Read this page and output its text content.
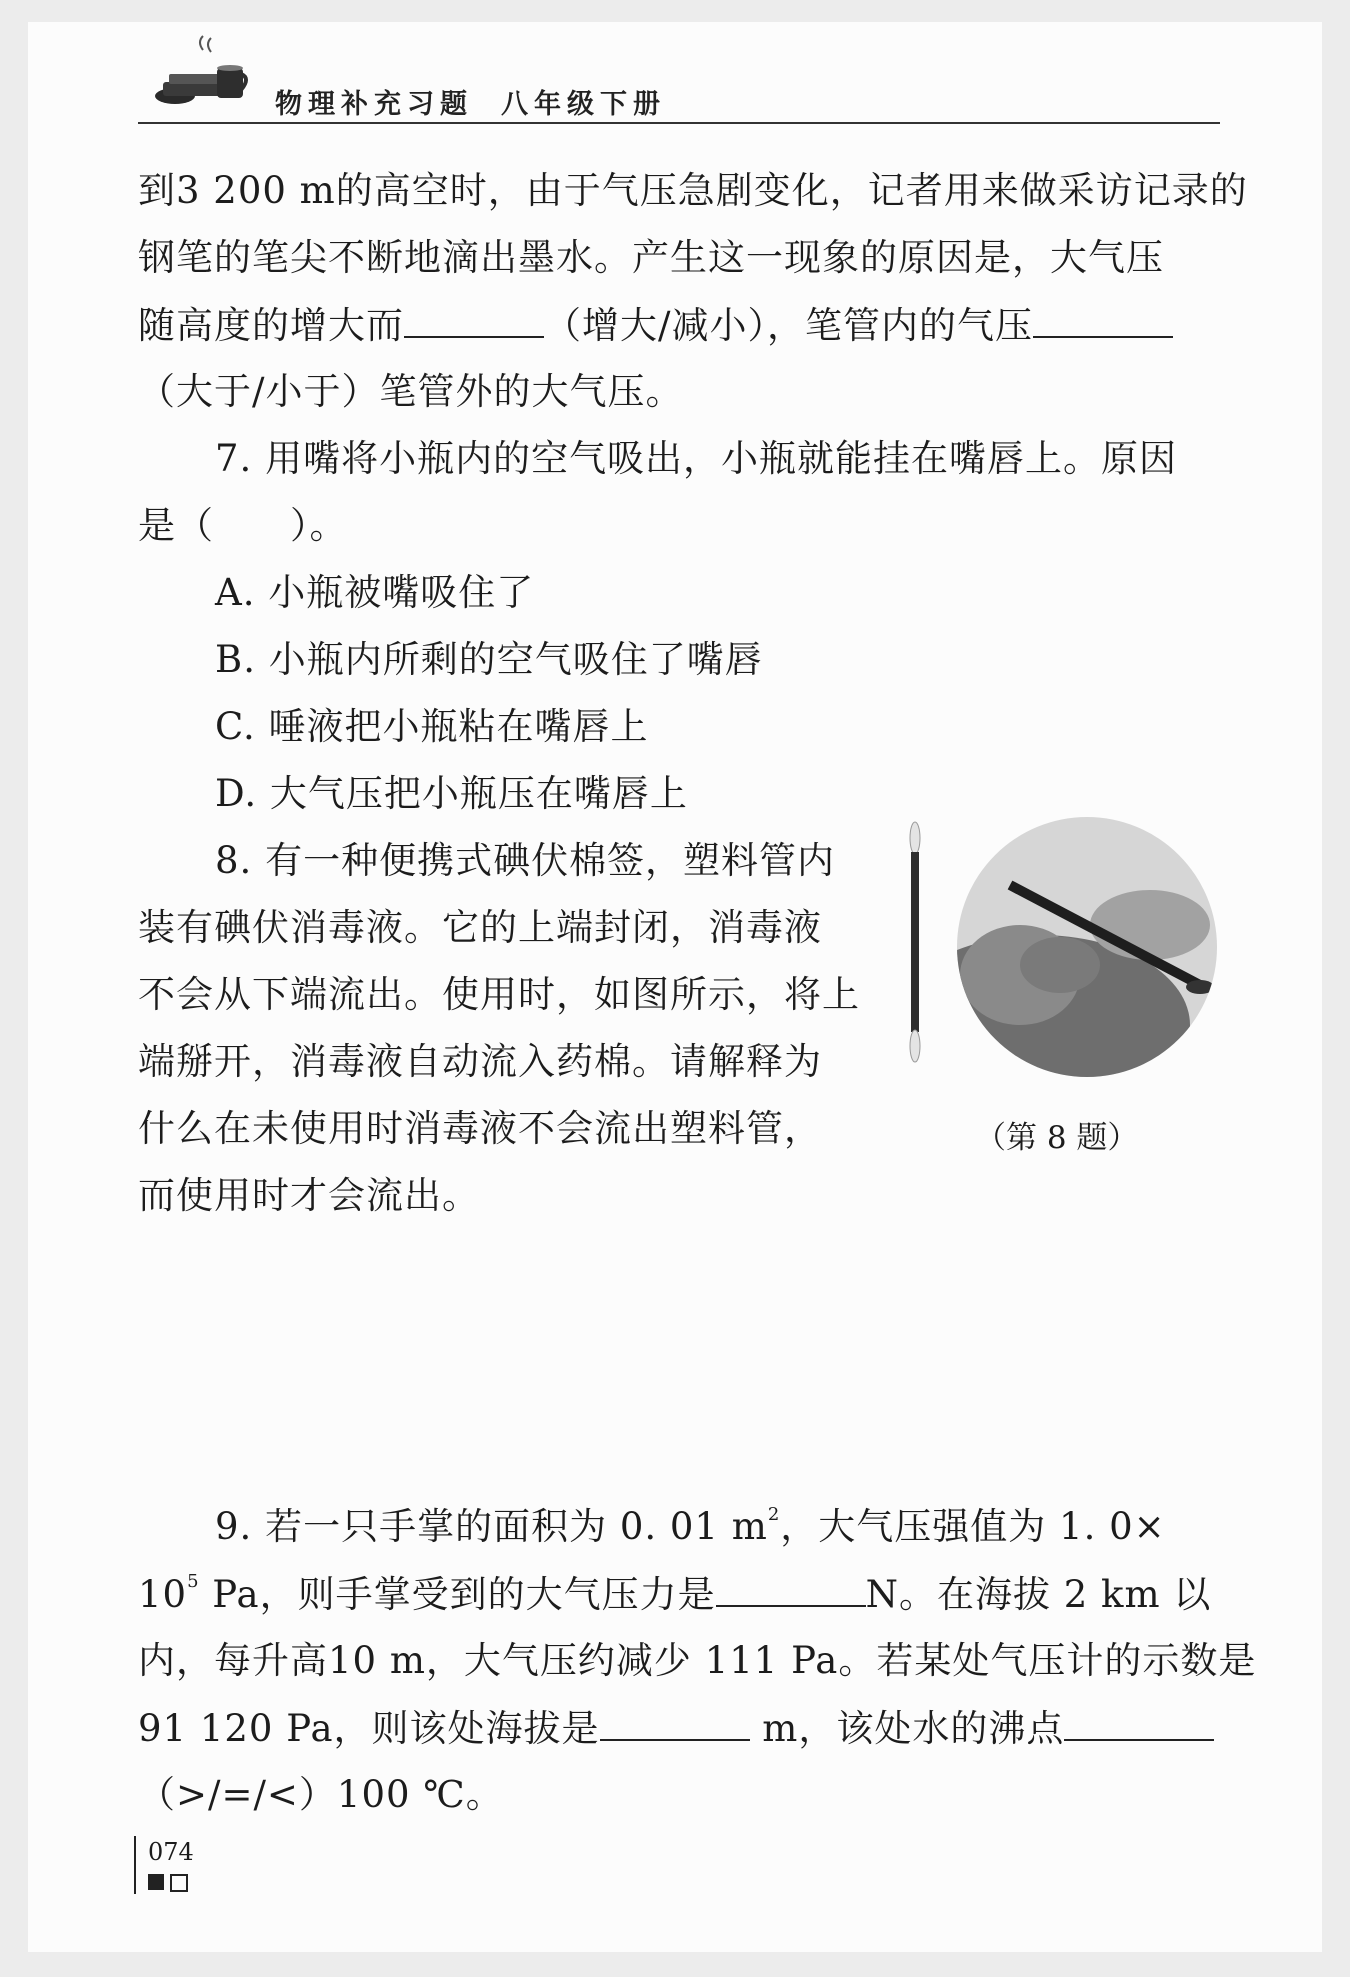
物理补充习题 八年级下册
到3 200 m的高空时，由于气压急剧变化，记者用来做采访记录的
钢笔的笔尖不断地滴出墨水。产生这一现象的原因是，大气压
随高度的增大而	（增大/减小），笔管内的气压
（大于/小于）笔管外的大气压。
7. 用嘴将小瓶内的空气吸出，小瓶就能挂在嘴唇上。原因
是（　　）。
A. 小瓶被嘴吸住了
B. 小瓶内所剩的空气吸住了嘴唇
C. 唾液把小瓶粘在嘴唇上
D. 大气压把小瓶压在嘴唇上
8. 有一种便携式碘伏棉签，塑料管内
装有碘伏消毒液。它的上端封闭，消毒液
不会从下端流出。使用时，如图所示，将上
端掰开，消毒液自动流入药棉。请解释为
什么在未使用时消毒液不会流出塑料管，
而使用时才会流出。
（第 8 题）
9. 若一只手掌的面积为 0. 01 $m^2$，大气压强值为 1. 0×
$10^5$ Pa，则手掌受到的大气压力是	N。在海拔 2 km 以
内，每升高10 m，大气压约减少 111 Pa。若某处气压计的示数是
91 120 Pa，则该处海拔是	m，该处水的沸点
（>/=/<）100 ℃。
074
